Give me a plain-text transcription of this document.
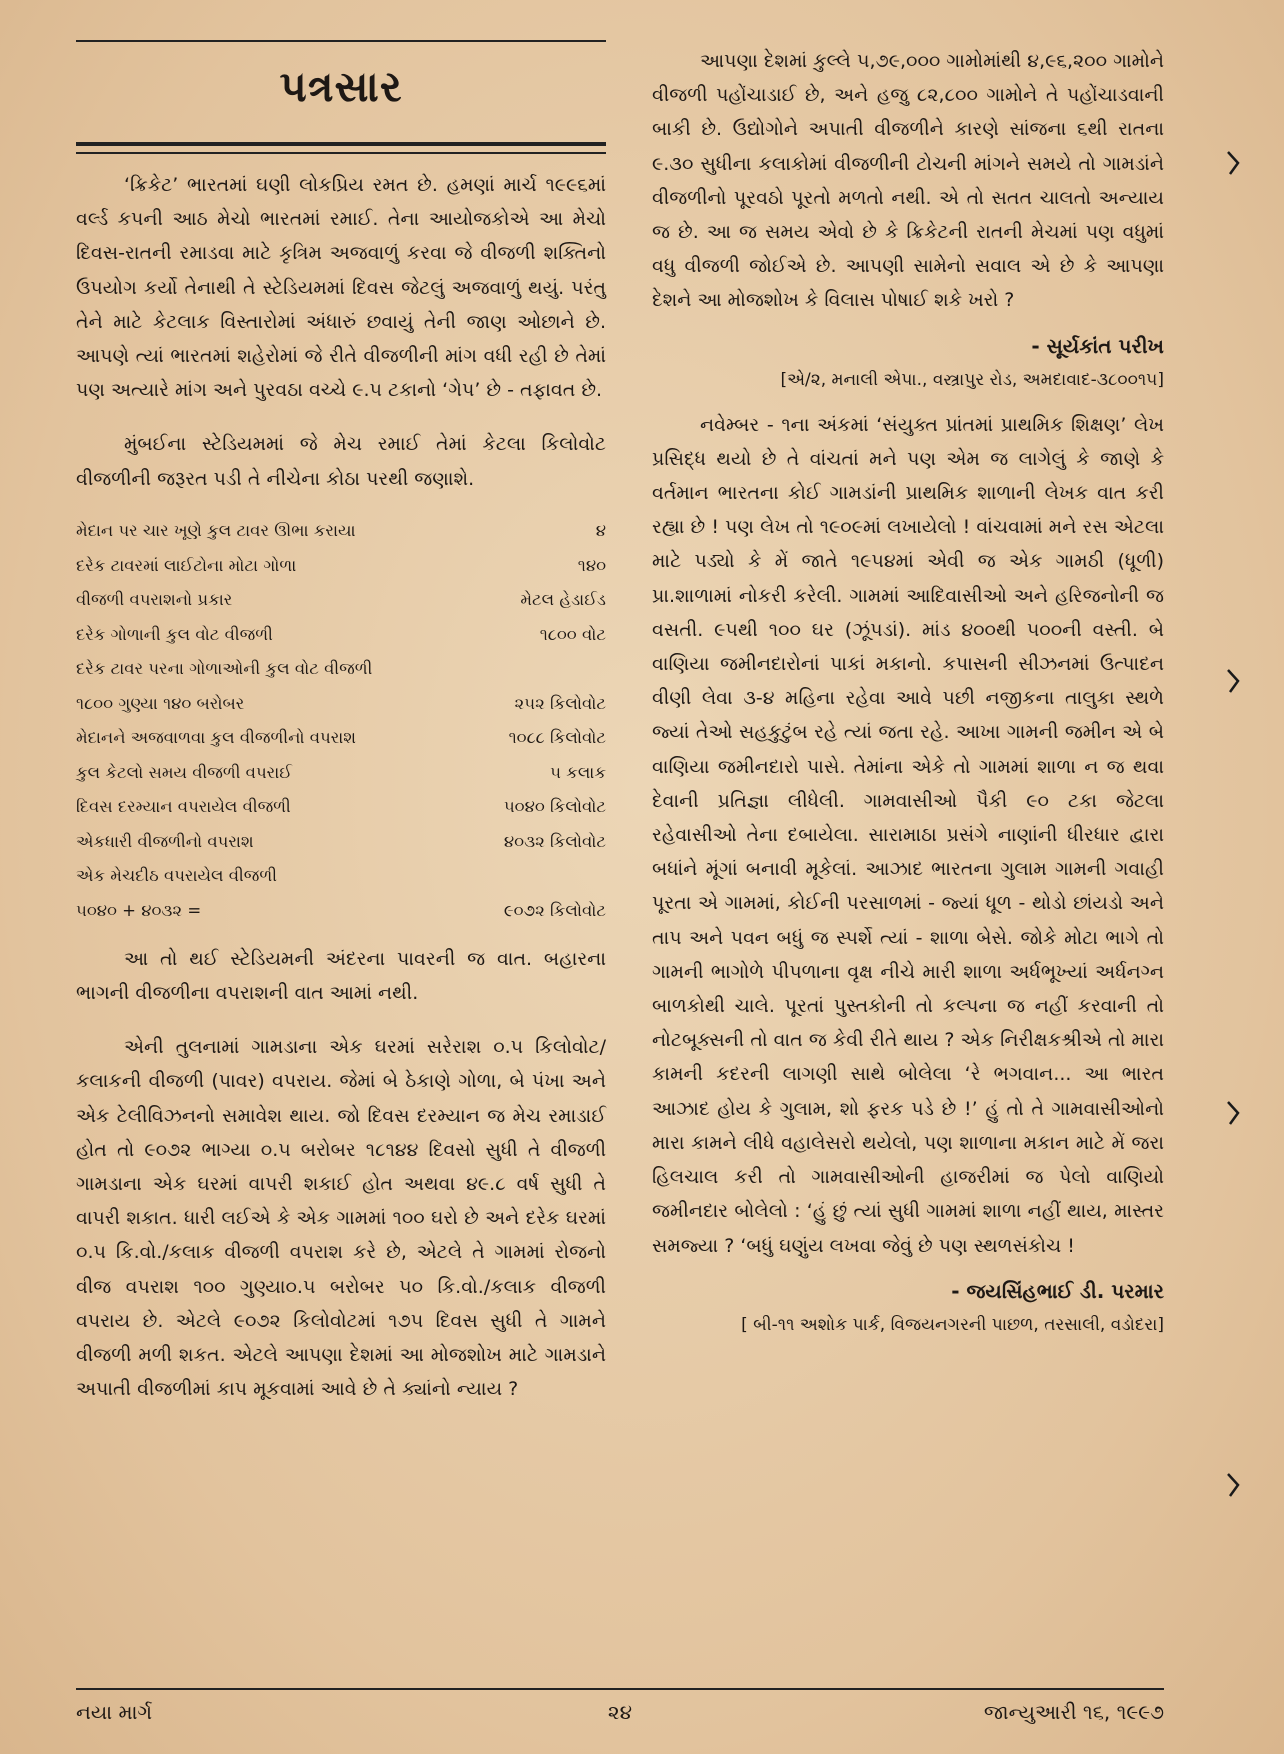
પત્રસાર

‘ક્રિકેટ’ ભારતમાં ઘણી લોકપ્રિય રમત છે. હમણાં માર્ચ ૧૯૯૬માં વર્લ્ડ કપની આઠ મેચો ભારતમાં રમાઈ. તેના આયોજકોએ આ મેચો દિવસ-રાતની રમાડવા માટે કૃત્રિમ અજવાળું કરવા જે વીજળી શક્તિનો ઉપયોગ કર્યો તેનાથી તે સ્ટેડિયમમાં દિવસ જેટલું અજવાળું થયું. પરંતુ તેને માટે કેટલાક વિસ્તારોમાં અંધારું છવાયું તેની જાણ ઓછાને છે. આપણે ત્યાં ભારતમાં શહેરોમાં જે રીતે વીજળીની માંગ વધી રહી છે તેમાં પણ અત્યારે માંગ અને પુરવઠા વચ્ચે ૯.૫ ટકાનો ‘ગેપ’ છે - તફાવત છે.

મુંબઈના સ્ટેડિયમમાં જે મેચ રમાઈ તેમાં કેટલા કિલોવોટ વીજળીની જરૂરત પડી તે નીચેના કોઠા પરથી જણાશે.

મેદાન પર ચાર ખૂણે કુલ ટાવર ઊભા કરાયા	૪
દરેક ટાવરમાં લાઈટોના મોટા ગોળા	૧૪૦
વીજળી વપરાશનો પ્રકાર	મેટલ હેડાઈડ
દરેક ગોળાની કુલ વોટ વીજળી	૧૮૦૦ વોટ
દરેક ટાવર પરના ગોળાઓની કુલ વોટ વીજળી	
૧૮૦૦ ગુણ્યા ૧૪૦ બરોબર	૨૫૨ કિલોવોટ
મેદાનને અજવાળવા કુલ વીજળીનો વપરાશ	૧૦૮૮ કિલોવોટ
કુલ કેટલો સમય વીજળી વપરાઈ	૫ કલાક
દિવસ દરમ્યાન વપરાયેલ વીજળી	૫૦૪૦ કિલોવોટ
એકધારી વીજળીનો વપરાશ	૪૦૩૨ કિલોવોટ
એક મેચદીઠ વપરાયેલ વીજળી	
૫૦૪૦ + ૪૦૩૨ =	૯૦૭૨ કિલોવોટ

આ તો થઈ સ્ટેડિયમની અંદરના પાવરની જ વાત. બહારના ભાગની વીજળીના વપરાશની વાત આમાં નથી.

એની તુલનામાં ગામડાના એક ઘરમાં સરેરાશ ૦.૫ કિલોવોટ/કલાકની વીજળી (પાવર) વપરાય. જેમાં બે ઠેકાણે ગોળા, બે પંખા અને એક ટેલીવિઝનનો સમાવેશ થાય. જો દિવસ દરમ્યાન જ મેચ રમાડાઈ હોત તો ૯૦૭૨ ભાગ્યા ૦.૫ બરોબર ૧૮૧૪૪ દિવસો સુધી તે વીજળી ગામડાના એક ઘરમાં વાપરી શકાઈ હોત અથવા ૪૯.૮ વર્ષ સુધી તે વાપરી શકાત. ધારી લઈએ કે એક ગામમાં ૧૦૦ ઘરો છે અને દરેક ઘરમાં ૦.૫ કિ.વો./કલાક વીજળી વપરાશ કરે છે, એટલે તે ગામમાં રોજનો વીજ વપરાશ ૧૦૦ ગુણ્યા૦.૫ બરોબર ૫૦ કિ.વો./કલાક વીજળી વપરાય છે. એટલે ૯૦૭૨ કિલોવોટમાં ૧૭૫ દિવસ સુધી તે ગામને વીજળી મળી શકત. એટલે આપણા દેશમાં આ મોજશોખ માટે ગામડાને અપાતી વીજળીમાં કાપ મૂકવામાં આવે છે તે ક્યાંનો ન્યાય ?

આપણા દેશમાં કુલ્લે ૫,૭૯,૦૦૦ ગામોમાંથી ૪,૯૬,૨૦૦ ગામોને વીજળી પહોંચાડાઈ છે, અને હજુ ૮૨,૮૦૦ ગામોને તે પહોંચાડવાની બાકી છે. ઉદ્યોગોને અપાતી વીજળીને કારણે સાંજના ૬થી રાતના ૯.૩૦ સુધીના કલાકોમાં વીજળીની ટોચની માંગને સમયે તો ગામડાંને વીજળીનો પૂરવઠો પૂરતો મળતો નથી. એ તો સતત ચાલતો અન્યાય જ છે. આ જ સમય એવો છે કે ક્રિકેટની રાતની મેચમાં પણ વધુમાં વધુ વીજળી જોઈએ છે. આપણી સામેનો સવાલ એ છે કે આપણા દેશને આ મોજશોખ કે વિલાસ પોષાઈ શકે ખરો ?

- સૂર્યકાંત પરીખ
[એ/૨, મનાલી એપા., વસ્ત્રાપુર રોડ, અમદાવાદ-૩૮૦૦૧૫]

નવેમ્બર - ૧ના અંકમાં ‘સંયુક્ત પ્રાંતમાં પ્રાથમિક શિક્ષણ’ લેખ પ્રસિદ્ધ થયો છે તે વાંચતાં મને પણ એમ જ લાગેલું કે જાણે કે વર્તમાન ભારતના કોઈ ગામડાંની પ્રાથમિક શાળાની લેખક વાત કરી રહ્યા છે ! પણ લેખ તો ૧૯૦૯માં લખાયેલો ! વાંચવામાં મને રસ એટલા માટે પડ્યો કે મેં જાતે ૧૯૫૪માં એવી જ એક ગામઠી (ધૂળી) પ્રા.શાળામાં નોકરી કરેલી. ગામમાં આદિવાસીઓ અને હરિજનોની જ વસતી. ૯૫થી ૧૦૦ ઘર (ઝૂંપડાં). માંડ ૪૦૦થી ૫૦૦ની વસ્તી. બે વાણિયા જમીનદારોનાં પાકાં મકાનો. કપાસની સીઝનમાં ઉત્પાદન વીણી લેવા ૩-૪ મહિના રહેવા આવે પછી નજીકના તાલુકા સ્થળે જ્યાં તેઓ સહકુટુંબ રહે ત્યાં જતા રહે. આખા ગામની જમીન એ બે વાણિયા જમીનદારો પાસે. તેમાંના એકે તો ગામમાં શાળા ન જ થવા દેવાની પ્રતિજ્ઞા લીધેલી. ગામવાસીઓ પૈકી ૯૦ ટકા જેટલા રહેવાસીઓ તેના દબાયેલા. સારામાઠા પ્રસંગે નાણાંની ધીરધાર દ્વારા બધાંને મૂંગાં બનાવી મૂકેલાં. આઝાદ ભારતના ગુલામ ગામની ગવાહી પૂરતા એ ગામમાં, કોઈની પરસાળમાં - જ્યાં ધૂળ - થોડો છાંયડો અને તાપ અને પવન બધું જ સ્પર્શે ત્યાં - શાળા બેસે. જોકે મોટા ભાગે તો ગામની ભાગોળે પીપળાના વૃક્ષ નીચે મારી શાળા અર્ધભૂખ્યાં અર્ધનગ્ન બાળકોથી ચાલે. પૂરતાં પુસ્તકોની તો કલ્પના જ નહીં કરવાની તો નોટબૂક્સની તો વાત જ કેવી રીતે થાય ? એક નિરીક્ષકશ્રીએ તો મારા કામની કદરની લાગણી સાથે બોલેલા ‘રે ભગવાન... આ ભારત આઝાદ હોય કે ગુલામ, શો ફરક પડે છે !’ હું તો તે ગામવાસીઓનો મારા કામને લીધે વહાલેસરો થયેલો, પણ શાળાના મકાન માટે મેં જરા હિલચાલ કરી તો ગામવાસીઓની હાજરીમાં જ પેલો વાણિયો જમીનદાર બોલેલો : ‘હું છું ત્યાં સુધી ગામમાં શાળા નહીં થાય, માસ્તર સમજ્યા ? ‘બધું ઘણુંય લખવા જેવું છે પણ સ્થળસંકોચ !

- જયસિંહભાઈ ડી. પરમાર
[ બી-૧૧ અશોક પાર્ક, વિજયનગરની પાછળ, તરસાલી, વડોદરા]
નયા માર્ગ	૨૪	જાન્યુઆરી ૧૬, ૧૯૯૭
